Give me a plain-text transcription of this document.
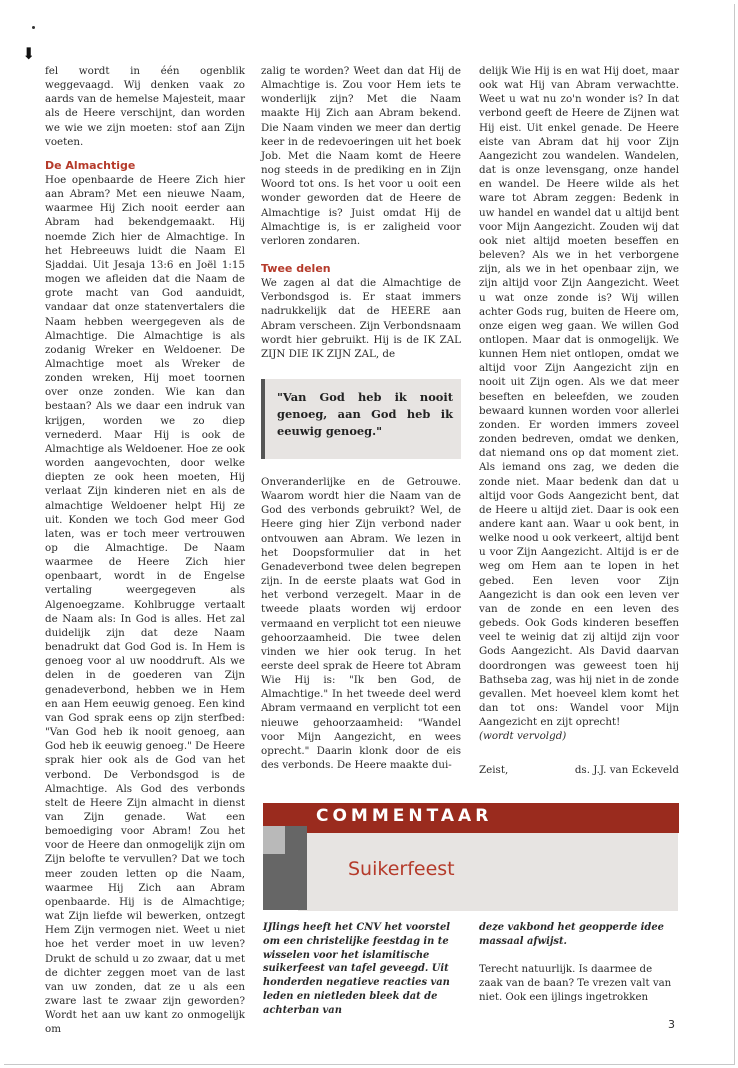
⬇

fel wordt in één ogenblik weggevaagd. Wij denken vaak zo aards van de hemelse Majesteit, maar als de Heere verschijnt, dan worden we wie we zijn moeten: stof aan Zijn voeten.

De Almachtige

Hoe openbaarde de Heere Zich hier aan Abram? Met een nieuwe Naam, waarmee Hij Zich nooit eerder aan Abram had bekendgemaakt. Hij noemde Zich hier de Almachtige. In het Hebreeuws luidt die Naam El Sjaddai. Uit Jesaja 13:6 en Joël 1:15 mogen we afleiden dat die Naam de grote macht van God aanduidt, vandaar dat onze statenvertalers die Naam hebben weergegeven als de Almachtige. Die Almachtige is als zodanig Wreker en Weldoener. De Almachtige moet als Wreker de zonden wreken, Hij moet toornen over onze zonden. Wie kan dan bestaan? Als we daar een indruk van krijgen, worden we zo diep vernederd. Maar Hij is ook de Almachtige als Weldoener. Hoe ze ook worden aangevochten, door welke diepten ze ook heen moeten, Hij verlaat Zijn kinderen niet en als de almachtige Weldoener helpt Hij ze uit. Konden we toch God meer God laten, was er toch meer vertrouwen op die Almachtige. De Naam waarmee de Heere Zich hier openbaart, wordt in de Engelse vertaling weergegeven als Algenoegzame. Kohlbrugge vertaalt de Naam als: In God is alles. Het zal duidelijk zijn dat deze Naam benadrukt dat God God is. In Hem is genoeg voor al uw nooddruft. Als we delen in de goederen van Zijn genadeverbond, hebben we in Hem en aan Hem eeuwig genoeg. Een kind van God sprak eens op zijn sterfbed: "Van God heb ik nooit genoeg, aan God heb ik eeuwig genoeg." De Heere sprak hier ook als de God van het verbond. De Verbondsgod is de Almachtige. Als God des verbonds stelt de Heere Zijn almacht in dienst van Zijn genade. Wat een bemoediging voor Abram! Zou het voor de Heere dan onmogelijk zijn om Zijn belofte te vervullen? Dat we toch meer zouden letten op die Naam, waarmee Hij Zich aan Abram openbaarde. Hij is de Almachtige; wat Zijn liefde wil bewerken, ontzegt Hem Zijn vermogen niet. Weet u niet hoe het verder moet in uw leven? Drukt de schuld u zo zwaar, dat u met de dichter zeggen moet van de last van uw zonden, dat ze u als een zware last te zwaar zijn geworden? Wordt het aan uw kant zo onmogelijk om

zalig te worden? Weet dan dat Hij de Almachtige is. Zou voor Hem iets te wonderlijk zijn? Met die Naam maakte Hij Zich aan Abram bekend. Die Naam vinden we meer dan dertig keer in de redevoeringen uit het boek Job. Met die Naam komt de Heere nog steeds in de prediking en in Zijn Woord tot ons. Is het voor u ooit een wonder geworden dat de Heere de Almachtige is? Juist omdat Hij de Almachtige is, is er zaligheid voor verloren zondaren.

Twee delen

We zagen al dat die Almachtige de Verbondsgod is. Er staat immers nadrukkelijk dat de HEERE aan Abram verscheen. Zijn Verbondsnaam wordt hier gebruikt. Hij is de IK ZAL ZIJN DIE IK ZIJN ZAL, de

"Van God heb ik nooit genoeg, aan God heb ik eeuwig genoeg."

Onveranderlijke en de Getrouwe. Waarom wordt hier die Naam van de God des verbonds gebruikt? Wel, de Heere ging hier Zijn verbond nader ontvouwen aan Abram. We lezen in het Doopsformulier dat in het Genadeverbond twee delen begrepen zijn. In de eerste plaats wat God in het verbond verzegelt. Maar in de tweede plaats worden wij erdoor vermaand en verplicht tot een nieuwe gehoorzaamheid. Die twee delen vinden we hier ook terug. In het eerste deel sprak de Heere tot Abram Wie Hij is: "Ik ben God, de Almachtige." In het tweede deel werd Abram vermaand en verplicht tot een nieuwe gehoorzaamheid: "Wandel voor Mijn Aangezicht, en wees oprecht." Daarin klonk door de eis des verbonds. De Heere maakte dui-

delijk Wie Hij is en wat Hij doet, maar ook wat Hij van Abram verwachtte. Weet u wat nu zo'n wonder is? In dat verbond geeft de Heere de Zijnen wat Hij eist. Uit enkel genade. De Heere eiste van Abram dat hij voor Zijn Aangezicht zou wandelen. Wandelen, dat is onze levensgang, onze handel en wandel. De Heere wilde als het ware tot Abram zeggen: Bedenk in uw handel en wandel dat u altijd bent voor Mijn Aangezicht. Zouden wij dat ook niet altijd moeten beseffen en beleven? Als we in het verborgene zijn, als we in het openbaar zijn, we zijn altijd voor Zijn Aangezicht. Weet u wat onze zonde is? Wij willen achter Gods rug, buiten de Heere om, onze eigen weg gaan. We willen God ontlopen. Maar dat is onmogelijk. We kunnen Hem niet ontlopen, omdat we altijd voor Zijn Aangezicht zijn en nooit uit Zijn ogen. Als we dat meer beseften en beleefden, we zouden bewaard kunnen worden voor allerlei zonden. Er worden immers zoveel zonden bedreven, omdat we denken, dat niemand ons op dat moment ziet. Als iemand ons zag, we deden die zonde niet. Maar bedenk dan dat u altijd voor Gods Aangezicht bent, dat de Heere u altijd ziet. Daar is ook een andere kant aan. Waar u ook bent, in welke nood u ook verkeert, altijd bent u voor Zijn Aangezicht. Altijd is er de weg om Hem aan te lopen in het gebed. Een leven voor Zijn Aangezicht is dan ook een leven ver van de zonde en een leven des gebeds. Ook Gods kinderen beseffen veel te weinig dat zij altijd zijn voor Gods Aangezicht. Als David daarvan doordrongen was geweest toen hij Bathseba zag, was hij niet in de zonde gevallen. Met hoeveel klem komt het dan tot ons: Wandel voor Mijn Aangezicht en zijt oprecht!

(wordt vervolgd)

Zeist,	ds. J.J. van Eckeveld
COMMENTAAR
Suikerfeest
IJlings heeft het CNV het voorstel om een christelijke feestdag in te wisselen voor het islamitische suikerfeest van tafel geveegd. Uit honderden negatieve reacties van leden en nietleden bleek dat de achterban van
deze vakbond het geopperde idee massaal afwijst.
Terecht natuurlijk. Is daarmee de zaak van de baan? Te vrezen valt van niet. Ook een ijlings ingetrokken
3
